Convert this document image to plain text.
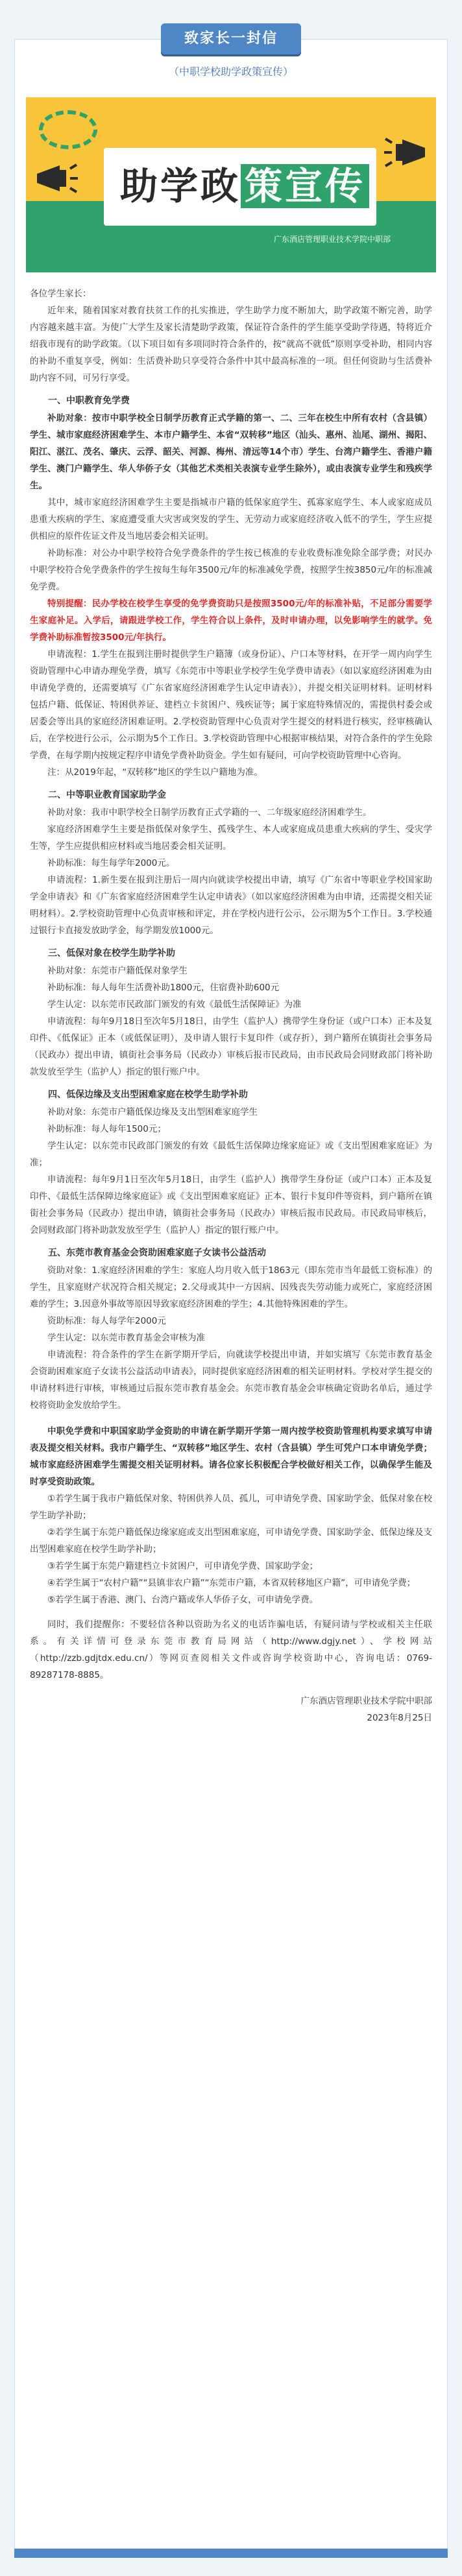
致家长一封信
（中职学校助学政策宣传）
助学政 策宣传
广东酒店管理职业技术学院中职部

各位学生家长：

近年来，随着国家对教育扶贫工作的扎实推进，学生助学力度不断加大，助学政策不断完善，助学内容越来越丰富。为使广大学生及家长清楚助学政策，保证符合条件的学生能享受助学待遇，特将近介绍我市现有的助学政策。（以下项目如有多项同时符合条件的，按“就高不就低”原则享受补助，相同内容的补助不重复享受，例如：生活费补助只享受符合条件中其中最高标准的一项。但任何资助与生活费补助内容不同，可另行享受。

一、中职教育免学费

补助对象：按市中职学校全日制学历教育正式学籍的第一、二、三年在校生中所有农村（含县镇）学生、城市家庭经济困难学生、本市户籍学生、本省“双转移”地区（汕头、惠州、汕尾、湖州、揭阳、阳江、湛江、茂名、肇庆、云浮、韶关、河源、梅州、清远等14个市）学生、台湾户籍学生、香港户籍学生、澳门户籍学生、华人华侨子女（其他艺术类相关表演专业学生除外），或由表演专业学生和残疾学生。

其中，城市家庭经济困难学生主要是指城市户籍的低保家庭学生、孤寡家庭学生、本人或家庭成员患重大疾病的学生、家庭遭受重大灾害或突发的学生、无劳动力或家庭经济收入低不的学生，学生应提供相应的原件佐证文件及当地居委会相关证明。

补助标准：对公办中职学校符合免学费条件的学生按已核准的专业收费标准免除全部学费；对民办中职学校符合免学费条件的学生按每生每年3500元/年的标准减免学费，按照学生按3850元/年的标准减免学费。

特别提醒：民办学校在校学生享受的免学费资助只是按照3500元/年的标准补贴，不足部分需要学生家庭补足。入学后，请跟进学校工作，学生符合以上条件，及时申请办理，以免影响学生的就学。免学费补助标准暂按3500元/年执行。

申请流程：1.学生在报到注册时提供学生户籍簿（或身份证）、户口本等材料，在开学一周内向学生资助管理中心申请办理免学费，填写《东莞市中等职业学校学生免学费申请表》（如以家庭经济困难为由申请免学费的，还需要填写《广东省家庭经济困难学生认定申请表》），并提交相关证明材料。证明材料包括户籍、低保证、特困供养证、建档立卡贫困户、残疾证等；属于家庭特殊情况的，需提供村委会或居委会等出具的家庭经济困难证明。2.学校资助管理中心负责对学生提交的材料进行核实，经审核确认后，在学校进行公示，公示期为5个工作日。3.学校资助管理中心根据审核结果，对符合条件的学生免除学费，在每学期内按规定程序申请免学费补助资金。学生如有疑问，可向学校资助管理中心咨询。

注：从2019年起，“双转移”地区的学生以户籍地为准。

二、中等职业教育国家助学金

补助对象：我市中职学校全日制学历教育正式学籍的一、二年级家庭经济困难学生。

家庭经济困难学生主要是指低保对象学生、孤残学生、本人或家庭成员患重大疾病的学生、受灾学生等，学生应提供相应材料或当地居委会相关证明。

补助标准：每生每学年2000元。

申请流程：1.新生要在报到注册后一周内向就读学校提出申请，填写《广东省中等职业学校国家助学金申请表》和《广东省家庭经济困难学生认定申请表》（如以家庭经济困难为由申请，还需提交相关证明材料）。2.学校资助管理中心负责审核和评定，并在学校内进行公示，公示期为5个工作日。3.学校通过银行卡直接发放助学金，每学期发放1000元。

三、低保对象在校学生助学补助

补助对象：东莞市户籍低保对象学生

补助标准：每人每年生活费补助1800元，住宿费补助600元

学生认定：以东莞市民政部门颁发的有效《最低生活保障证》为准

申请流程：每年9月18日至次年5月18日，由学生（监护人）携带学生身份证（或户口本）正本及复印件、《低保证》正本（或低保证明），及申请人银行卡复印件（或存折），到户籍所在镇街社会事务局（民政办）提出申请，镇街社会事务局（民政办）审核后报市民政局，由市民政局会同财政部门将补助款发放至学生（监护人）指定的银行账户中。

四、低保边缘及支出型困难家庭在校学生助学补助

补助对象：东莞市户籍低保边缘及支出型困难家庭学生

补助标准：每人每年1500元；

学生认定：以东莞市民政部门颁发的有效《最低生活保障边缘家庭证》或《支出型困难家庭证》为准；

申请流程：每年9月1日至次年5月18日，由学生（监护人）携带学生身份证（或户口本）正本及复印件、《最低生活保障边缘家庭证》或《支出型困难家庭证》正本、银行卡复印件等资料，到户籍所在镇街社会事务局（民政办）提出申请，镇街社会事务局（民政办）审核后报市民政局。市民政局审核后，会同财政部门将补助款发放至学生（监护人）指定的银行账户中。

五、东莞市教育基金会资助困难家庭子女读书公益活动

资助对象：1.家庭经济困难的学生：家庭人均月收入低于1863元（即东莞市当年最低工资标准）的学生，且家庭财产状况符合相关规定；2.父母或其中一方因病、因残丧失劳动能力或死亡，家庭经济困难的学生；3.因意外事故等原因导致家庭经济困难的学生；4.其他特殊困难的学生。

资助标准：每人每学年2000元

学生认定：以东莞市教育基金会审核为准

申请流程：符合条件的学生在新学期开学后，向就读学校提出申请，并如实填写《东莞市教育基金会资助困难家庭子女读书公益活动申请表》，同时提供家庭经济困难的相关证明材料。学校对学生提交的申请材料进行审核，审核通过后报东莞市教育基金会。东莞市教育基金会审核确定资助名单后，通过学校将资助金发放给学生。

中职免学费和中职国家助学金资助的申请在新学期开学第一周内按学校资助管理机构要求填写申请表及提交相关材料。我市户籍学生、“双转移”地区学生、农村（含县镇）学生可凭户口本申请免学费；城市家庭经济困难学生需提交相关证明材料。请各位家长积极配合学校做好相关工作，以确保学生能及时享受资助政策。

①若学生属于我市户籍低保对象、特困供养人员、孤儿，可申请免学费、国家助学金、低保对象在校学生助学补助；

②若学生属于东莞户籍低保边缘家庭或支出型困难家庭，可申请免学费、国家助学金、低保边缘及支出型困难家庭在校学生助学补助；

③若学生属于东莞户籍建档立卡贫困户，可申请免学费、国家助学金；

④若学生属于“农村户籍”“县镇非农户籍”“东莞市户籍，本省双转移地区户籍”，可申请免学费；

⑤若学生属于香港、澳门、台湾户籍或华人华侨子女，可申请免学费。

同时，我们提醒你：不要轻信各种以资助为名义的电话诈骗电话，有疑问请与学校或相关主任联系。有关详情可登录东莞市教育局网站（http://www.dgjy.net）、学校网站（http://zzb.gdjtdx.edu.cn/）等网页查阅相关文件或咨询学校资助中心，咨询电话：0769-89287178-8885。

广东酒店管理职业技术学院中职部

2023年8月25日
